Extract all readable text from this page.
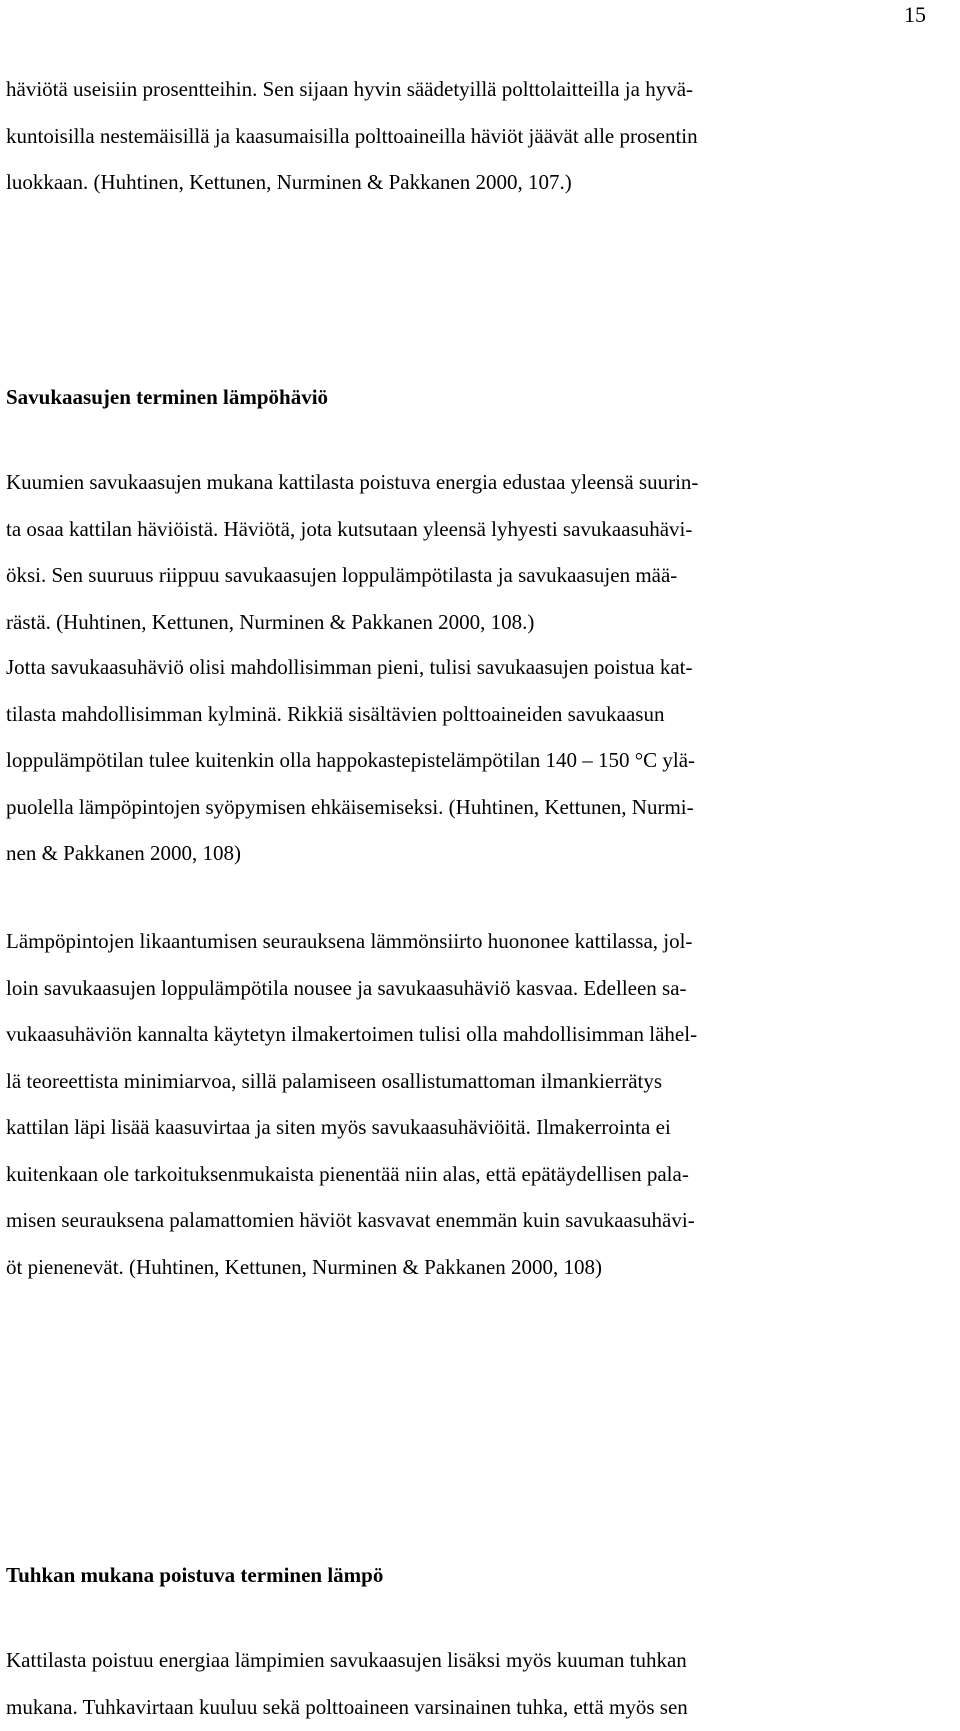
15
häviötä useisiin prosentteihin. Sen sijaan hyvin säädetyillä polttolaitteilla ja hyvä-
kuntoisilla nestemäisillä ja kaasumaisilla polttoaineilla häviöt jäävät alle prosentin
luokkaan. (Huhtinen, Kettunen, Nurminen & Pakkanen 2000, 107.)
Savukaasujen terminen lämpöhäviö
Kuumien savukaasujen mukana kattilasta poistuva energia edustaa yleensä suurin-
ta osaa kattilan häviöistä. Häviötä, jota kutsutaan yleensä lyhyesti savukaasuhävi-
öksi. Sen suuruus riippuu savukaasujen loppulämpötilasta ja savukaasujen mää-
rästä. (Huhtinen, Kettunen, Nurminen & Pakkanen 2000, 108.)
Jotta savukaasuhäviö olisi mahdollisimman pieni, tulisi savukaasujen poistua kat-
tilasta mahdollisimman kylminä. Rikkiä sisältävien polttoaineiden savukaasun
loppulämpötilan tulee kuitenkin olla happokastepistelämpötilan 140 – 150 °C ylä-
puolella lämpöpintojen syöpymisen ehkäisemiseksi. (Huhtinen, Kettunen, Nurmi-
nen & Pakkanen 2000, 108)
Lämpöpintojen likaantumisen seurauksena lämmönsiirto huononee kattilassa, jol-
loin savukaasujen loppulämpötila nousee ja savukaasuhäviö kasvaa. Edelleen sa-
vukaasuhäviön kannalta käytetyn ilmakertoimen tulisi olla mahdollisimman lähel-
lä teoreettista minimiarvoa, sillä palamiseen osallistumattoman ilmankierrätys
kattilan läpi lisää kaasuvirtaa ja siten myös savukaasuhäviöitä. Ilmakerrointa ei
kuitenkaan ole tarkoituksenmukaista pienentää niin alas, että epätäydellisen pala-
misen seurauksena palamattomien häviöt kasvavat enemmän kuin savukaasuhävi-
öt pienenevät. (Huhtinen, Kettunen, Nurminen & Pakkanen 2000, 108)
Tuhkan mukana poistuva terminen lämpö
Kattilasta poistuu energiaa lämpimien savukaasujen lisäksi myös kuuman tuhkan
mukana. Tuhkavirtaan kuuluu sekä polttoaineen varsinainen tuhka, että myös sen
